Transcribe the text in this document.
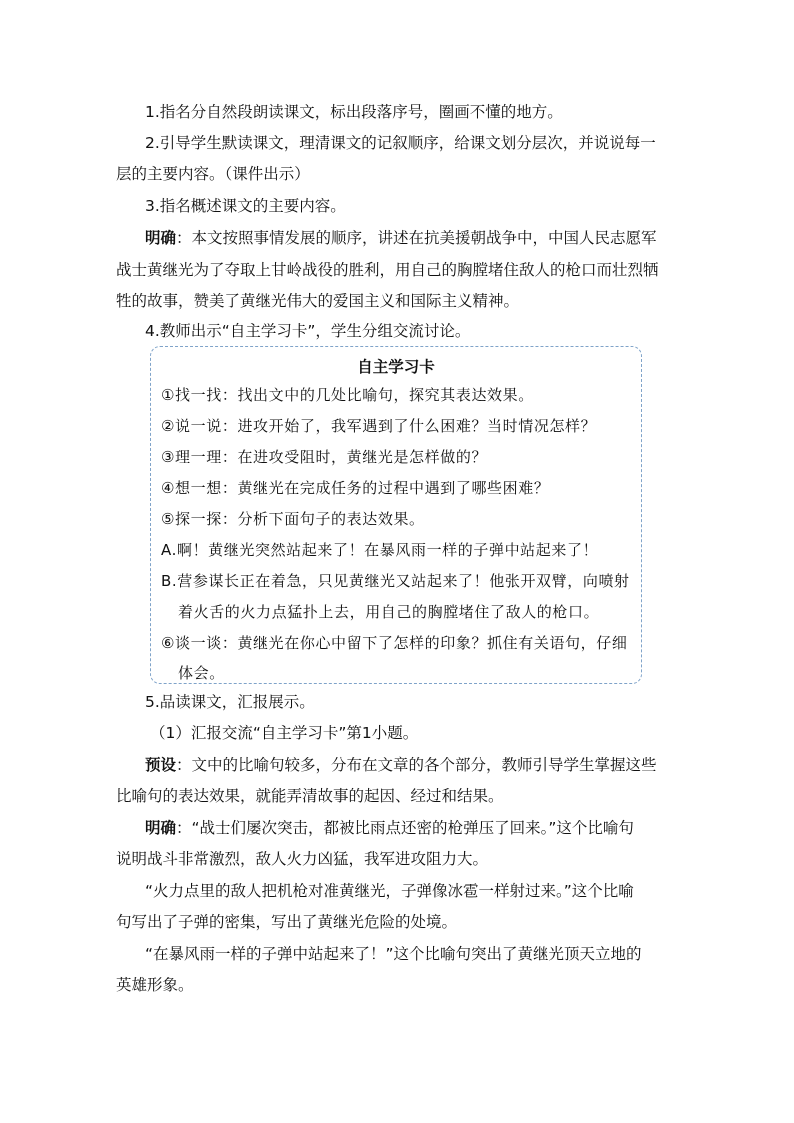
1.指名分自然段朗读课文，标出段落序号，圈画不懂的地方。
2.引导学生默读课文，理清课文的记叙顺序，给课文划分层次，并说说每一
层的主要内容。（课件出示）
3.指名概述课文的主要内容。
明确：本文按照事情发展的顺序，讲述在抗美援朝战争中，中国人民志愿军
战士黄继光为了夺取上甘岭战役的胜利，用自己的胸膛堵住敌人的枪口而壮烈牺
牲的故事，赞美了黄继光伟大的爱国主义和国际主义精神。
4.教师出示“自主学习卡”，学生分组交流讨论。
自主学习卡
①找一找：找出文中的几处比喻句，探究其表达效果。
②说一说：进攻开始了，我军遇到了什么困难？当时情况怎样？
③理一理：在进攻受阻时，黄继光是怎样做的？
④想一想：黄继光在完成任务的过程中遇到了哪些困难？
⑤探一探：分析下面句子的表达效果。
A.啊！黄继光突然站起来了！在暴风雨一样的子弹中站起来了！
B.营参谋长正在着急，只见黄继光又站起来了！他张开双臂，向喷射
着火舌的火力点猛扑上去，用自己的胸膛堵住了敌人的枪口。
⑥谈一谈：黄继光在你心中留下了怎样的印象？抓住有关语句，仔细
体会。
5.品读课文，汇报展示。
（1）汇报交流“自主学习卡”第1小题。
预设：文中的比喻句较多，分布在文章的各个部分，教师引导学生掌握这些
比喻句的表达效果，就能弄清故事的起因、经过和结果。
明确：“战士们屡次突击，都被比雨点还密的枪弹压了回来。”这个比喻句
说明战斗非常激烈，敌人火力凶猛，我军进攻阻力大。
“火力点里的敌人把机枪对准黄继光，子弹像冰雹一样射过来。”这个比喻
句写出了子弹的密集，写出了黄继光危险的处境。
“在暴风雨一样的子弹中站起来了！”这个比喻句突出了黄继光顶天立地的
英雄形象。
